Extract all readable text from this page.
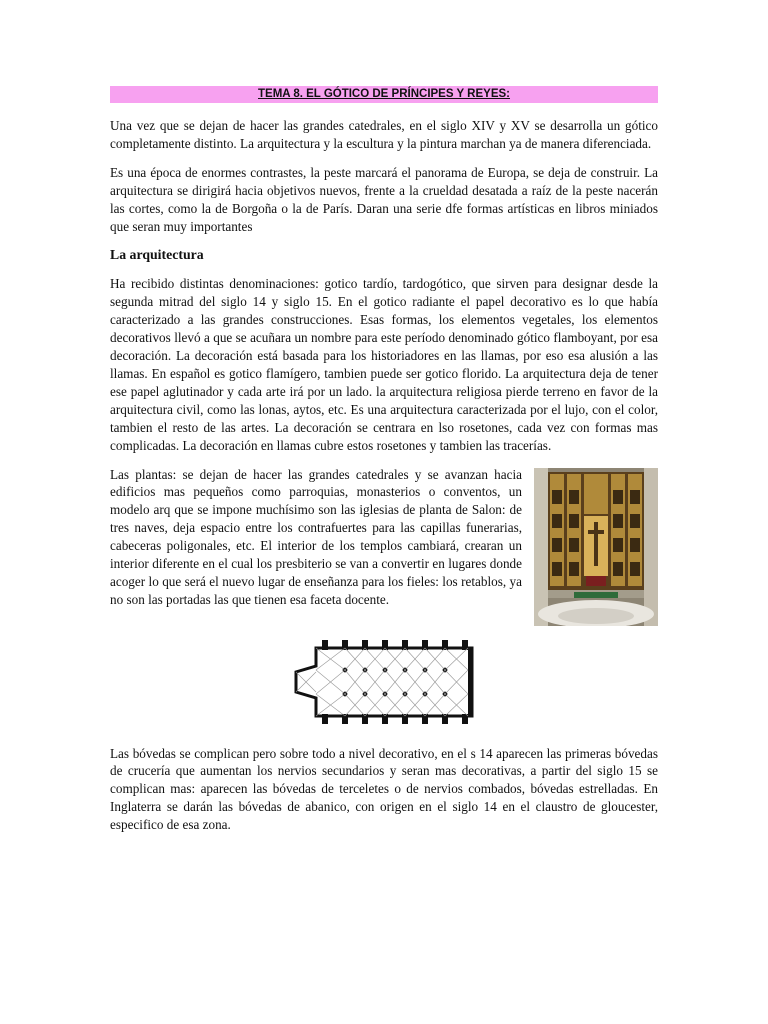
TEMA 8. EL GÓTICO DE PRÍNCIPES Y REYES:

Una vez que se dejan de hacer las grandes catedrales, en el siglo XIV y XV se desarrolla un gótico completamente distinto. La arquitectura y la escultura y la pintura marchan ya de manera diferenciada.

Es una época de enormes contrastes, la peste marcará el panorama de Europa, se deja de construir. La arquitectura se dirigirá hacia objetivos nuevos, frente a la crueldad desatada a raíz de la peste nacerán las cortes, como la de Borgoña o la de París. Daran una serie dfe formas artísticas en libros miniados que seran muy importantes

La arquitectura

Ha recibido distintas denominaciones: gotico tardío, tardogótico, que sirven para designar desde la segunda mitrad del siglo 14 y siglo 15. En el gotico radiante el papel decorativo es lo que había caracterizado a las grandes construcciones. Esas formas, los elementos vegetales, los elementos decorativos llevó a que se acuñara un nombre para este período denominado gótico flamboyant, por esa decoración. La decoración está basada para los historiadores en las llamas, por eso esa alusión a las llamas. En español es gotico flamígero, tambien puede ser gotico florido. La arquitectura deja de tener ese papel aglutinador y cada arte irá por un lado. la arquitectura religiosa pierde terreno en favor de la arquitectura civil, como las lonas, aytos, etc. Es una arquitectura caracterizada por el lujo, con el color, tambien el resto de las artes. La decoración se centrara en lso rosetones, cada vez con formas mas complicadas. La decoración en llamas cubre estos rosetones y tambien las tracerías.

Las plantas: se dejan de hacer las grandes catedrales y se avanzan hacia edificios mas pequeños como parroquias, monasterios o conventos, un modelo arq que se impone muchísimo son las iglesias de planta de Salon: de tres naves, deja espacio entre los contrafuertes para las capillas funerarias, cabeceras poligonales, etc. El interior de los templos cambiará, crearan un interior diferente en el cual los presbiterio se van a convertir en lugares donde acoger lo que será el nuevo lugar de enseñanza para los fieles: los retablos, ya no son las portadas las que tienen esa faceta docente.

Las bóvedas se complican pero sobre todo a nivel decorativo, en el s 14 aparecen las primeras bóvedas de crucería que aumentan los nervios secundarios y seran mas decorativas, a partir del siglo 15 se complican mas: aparecen las bóvedas de terceletes o de nervios combados, bóvedas estrelladas. En Inglaterra se darán las bóvedas de abanico, con origen en el siglo 14 en el claustro de gloucester, especifico de esa zona.
